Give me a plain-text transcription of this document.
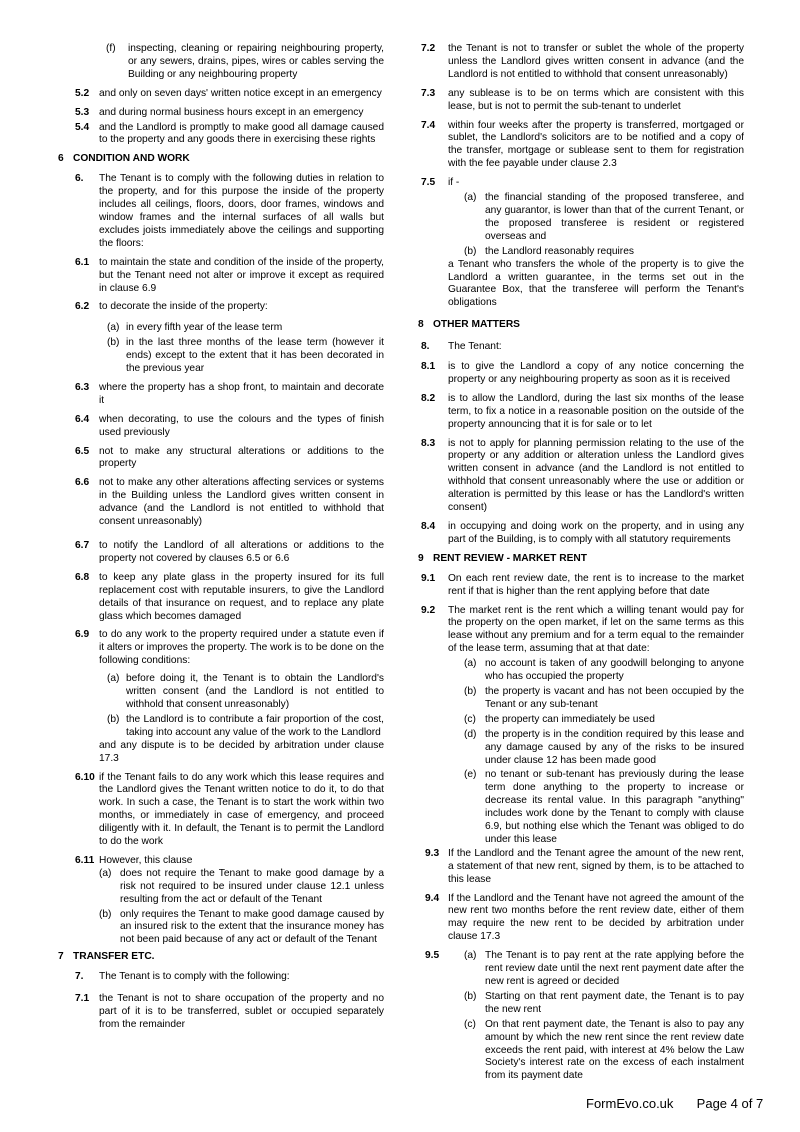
(f)	inspecting, cleaning or repairing neighbouring property, or any sewers, drains, pipes, wires or cables serving the Building or any neighbouring property
5.2 and only on seven days' written notice except in an emergency
5.3 and during normal business hours except in an emergency
5.4 and the Landlord is promptly to make good all damage caused to the property and any goods there in exercising these rights
6 CONDITION AND WORK
6.	The Tenant is to comply with the following duties in relation to the property, and for this purpose the inside of the property includes all ceilings, floors, doors, door frames, windows and window frames and the internal surfaces of all walls but excludes joists immediately above the ceilings and supporting the floors:
6.1 to maintain the state and condition of the inside of the property, but the Tenant need not alter or improve it except as required in clause 6.9
6.2 to decorate the inside of the property:
(a) in every fifth year of the lease term
(b) in the last three months of the lease term (however it ends) except to the extent that it has been decorated in the previous year
6.3 where the property has a shop front, to maintain and decorate it
6.4 when decorating, to use the colours and the types of finish used previously
6.5 not to make any structural alterations or additions to the property
6.6 not to make any other alterations affecting services or systems in the Building unless the Landlord gives written consent in advance (and the Landlord is not entitled to withhold that consent unreasonably)
6.7 to notify the Landlord of all alterations or additions to the property not covered by clauses 6.5 or 6.6
6.8 to keep any plate glass in the property insured for its full replacement cost with reputable insurers, to give the Landlord details of that insurance on request, and to replace any plate glass which becomes damaged
6.9 to do any work to the property required under a statute even if it alters or improves the property. The work is to be done on the following conditions:
(a) before doing it, the Tenant is to obtain the Landlord's written consent (and the Landlord is not entitled to withhold that consent unreasonably)
(b) the Landlord is to contribute a fair proportion of the cost, taking into account any value of the work to the Landlord
and any dispute is to be decided by arbitration under clause 17.3
6.10 if the Tenant fails to do any work which this lease requires and the Landlord gives the Tenant written notice to do it, to do that work. In such a case, the Tenant is to start the work within two months, or immediately in case of emergency, and proceed diligently with it. In default, the Tenant is to permit the Landlord to do the work
6.11 However, this clause
(a) does not require the Tenant to make good damage by a risk not required to be insured under clause 12.1 unless resulting from the act or default of the Tenant
(b) only requires the Tenant to make good damage caused by an insured risk to the extent that the insurance money has not been paid because of any act or default of the Tenant
7 TRANSFER ETC.
7.	The Tenant is to comply with the following:
7.1 the Tenant is not to share occupation of the property and no part of it is to be transferred, sublet or occupied separately from the remainder
7.2	the Tenant is not to transfer or sublet the whole of the property unless the Landlord gives written consent in advance (and the Landlord is not entitled to withhold that consent unreasonably)
7.3	any sublease is to be on terms which are consistent with this lease, but is not to permit the sub-tenant to underlet
7.4	within four weeks after the property is transferred, mortgaged or sublet, the Landlord's solicitors are to be notified and a copy of the transfer, mortgage or sublease sent to them for registration with the fee payable under clause 2.3
7.5	if -
(a) the financial standing of the proposed transferee, and any guarantor, is lower than that of the current Tenant, or the proposed transferee is resident or registered overseas and
(b) the Landlord reasonably requires
a Tenant who transfers the whole of the property is to give the Landlord a written guarantee, in the terms set out in the Guarantee Box, that the transferee will perform the Tenant's obligations
8 OTHER MATTERS
8.	The Tenant:
8.1	is to give the Landlord a copy of any notice concerning the property or any neighbouring property as soon as it is received
8.2	is to allow the Landlord, during the last six months of the lease term, to fix a notice in a reasonable position on the outside of the property announcing that it is for sale or to let
8.3	is not to apply for planning permission relating to the use of the property or any addition or alteration unless the Landlord gives written consent in advance (and the Landlord is not entitled to withhold that consent unreasonably where the use or addition or alteration is permitted by this lease or has the Landlord's written consent)
8.4	in occupying and doing work on the property, and in using any part of the Building, is to comply with all statutory requirements
9 RENT REVIEW - MARKET RENT
9.1	On each rent review date, the rent is to increase to the market rent if that is higher than the rent applying before that date
9.2	The market rent is the rent which a willing tenant would pay for the property on the open market, if let on the same terms as this lease without any premium and for a term equal to the remainder of the lease term, assuming that at that date:
(a) no account is taken of any goodwill belonging to anyone who has occupied the property
(b) the property is vacant and has not been occupied by the Tenant or any sub-tenant
(c) the property can immediately be used
(d) the property is in the condition required by this lease and any damage caused by any of the risks to be insured under clause 12 has been made good
(e) no tenant or sub-tenant has previously during the lease term done anything to the property to increase or decrease its rental value. In this paragraph "anything" includes work done by the Tenant to comply with clause 6.9, but nothing else which the Tenant was obliged to do under this lease
9.3 If the Landlord and the Tenant agree the amount of the new rent, a statement of that new rent, signed by them, is to be attached to this lease
9.4 If the Landlord and the Tenant have not agreed the amount of the new rent two months before the rent review date, either of them may require the new rent to be decided by arbitration under clause 17.3
9.5	(a) The Tenant is to pay rent at the rate applying before the rent review date until the next rent payment date after the new rent is agreed or decided
(b) Starting on that rent payment date, the Tenant is to pay the new rent
(c) On that rent payment date, the Tenant is also to pay any amount by which the new rent since the rent review date exceeds the rent paid, with interest at 4% below the Law Society's interest rate on the excess of each instalment from its payment date
FormEvo.co.uk Page 4 of 7
